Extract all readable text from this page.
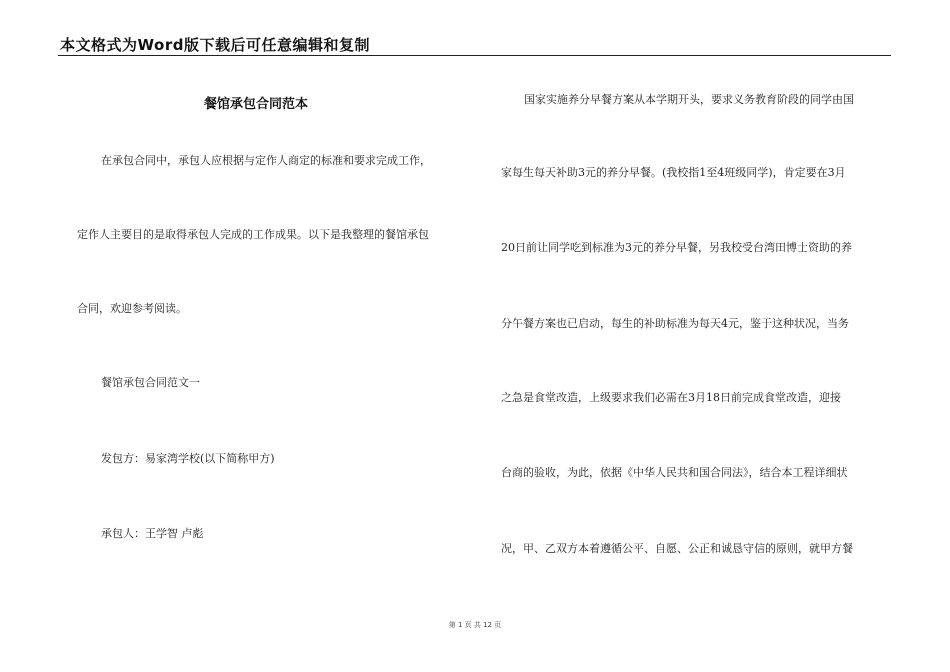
本文格式为Word版下载后可任意编辑和复制
餐馆承包合同范本
在承包合同中，承包人应根据与定作人商定的标准和要求完成工作，
定作人主要目的是取得承包人完成的工作成果。以下是我整理的餐馆承包
合同，欢迎参考阅读。
餐馆承包合同范文一
发包方：易家湾学校(以下简称甲方)
承包人：王学智 卢彪
国家实施养分早餐方案从本学期开头，要求义务教育阶段的同学由国
家每生每天补助3元的养分早餐。(我校指1至4班级同学)，肯定要在3月
20日前让同学吃到标准为3元的养分早餐，另我校受台湾田博士资助的养
分午餐方案也已启动，每生的补助标准为每天4元，鉴于这种状况，当务
之急是食堂改造，上级要求我们必需在3月18日前完成食堂改造，迎接
台商的验收，为此，依据《中华人民共和国合同法》，结合本工程详细状
况，甲、乙双方本着遵循公平、自愿、公正和诚恳守信的原则，就甲方餐
第 1 页 共 12 页
